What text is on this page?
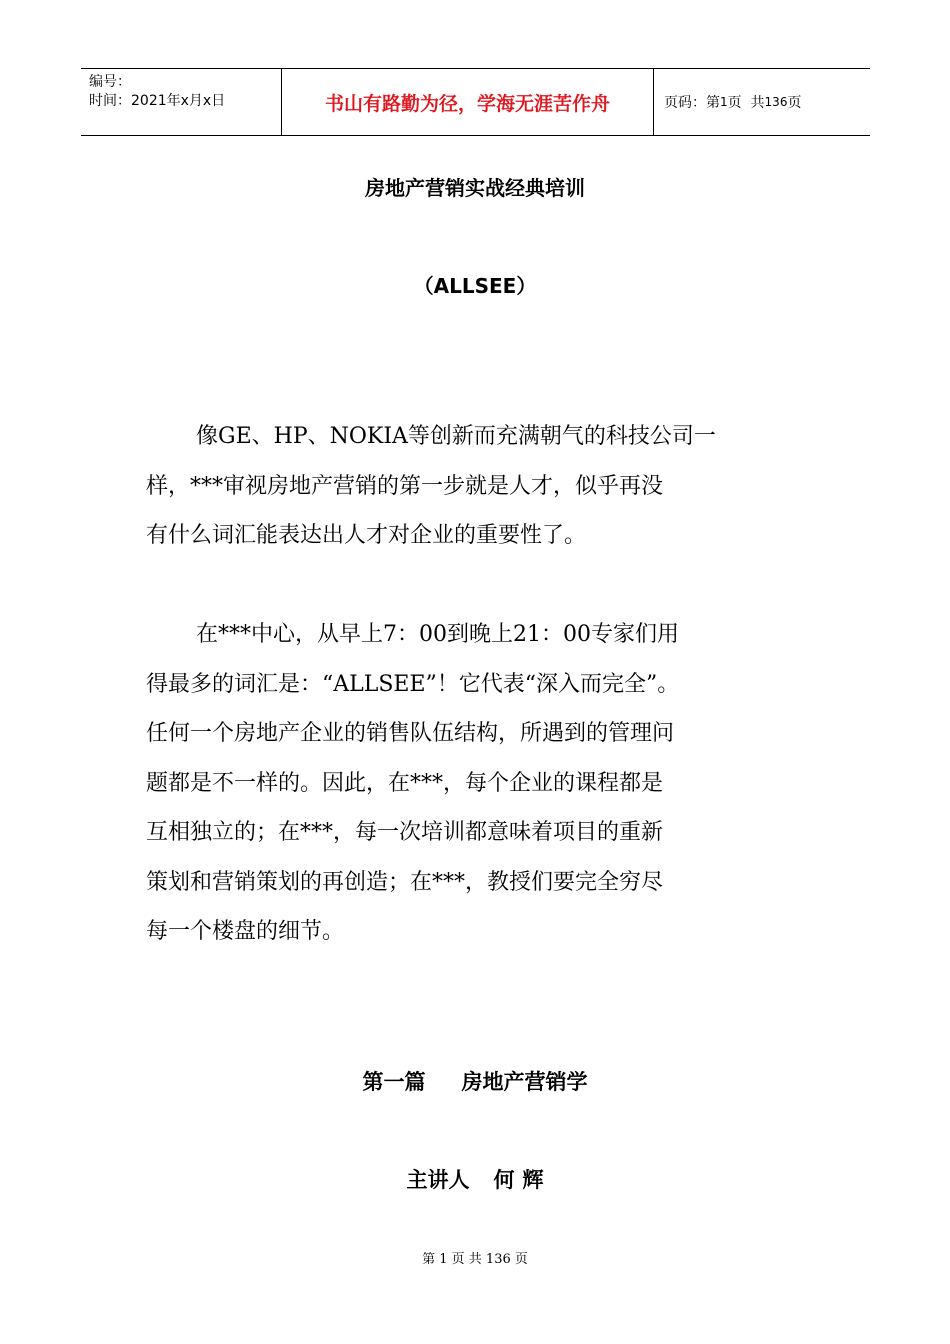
编号：
时间：2021年x月x日	书山有路勤为径，学海无涯苦作舟	页码：第 1 页  共 136 页
房地产营销实战经典培训
（ALLSEE）
像GE、HP、NOKIA等创新而充满朝气的科技公司一
样，***审视房地产营销的第一步就是人才，似乎再没
有什么词汇能表达出人才对企业的重要性了。
在***中心，从早上7：00到晚上21：00专家们用
得最多的词汇是：“ALLSEE”！它代表“深入而完全”。
任何一个房地产企业的销售队伍结构，所遇到的管理问
题都是不一样的。因此，在***，每个企业的课程都是
互相独立的；在***，每一次培训都意味着项目的重新
策划和营销策划的再创造；在***，教授们要完全穷尽
每一个楼盘的细节。
第一篇 房地产营销学
主讲人 何 辉
第 1 页 共 136 页
